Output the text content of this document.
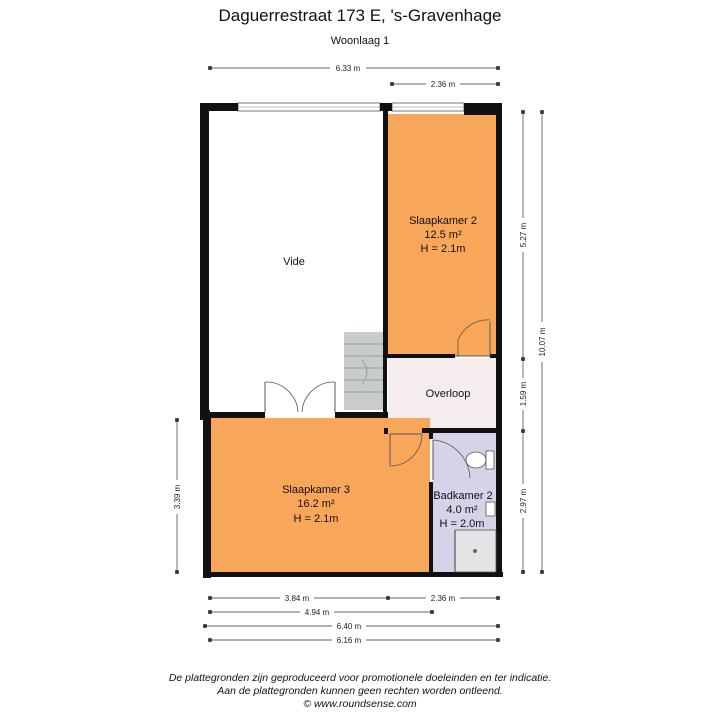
Daguerrestraat 173 E, 's-Gravenhage
Woonlaag 1
Vide
Slaapkamer 2
12.5 m²
H = 2.1m
Overloop
Slaapkamer 3
16.2 m²
H = 2.1m
Badkamer 2
4.0 m²
H = 2.0m
6.33 m
2.36 m
5.27 m
1.59 m
2.97 m
10.07 m
3.39 m
3.84 m	2.36 m
4.94 m
6.40 m
6.16 m
De plattegronden zijn geproduceerd voor promotionele doeleinden en ter indicatie.
Aan de plattegronden kunnen geen rechten worden ontleend.
© www.roundsense.com
